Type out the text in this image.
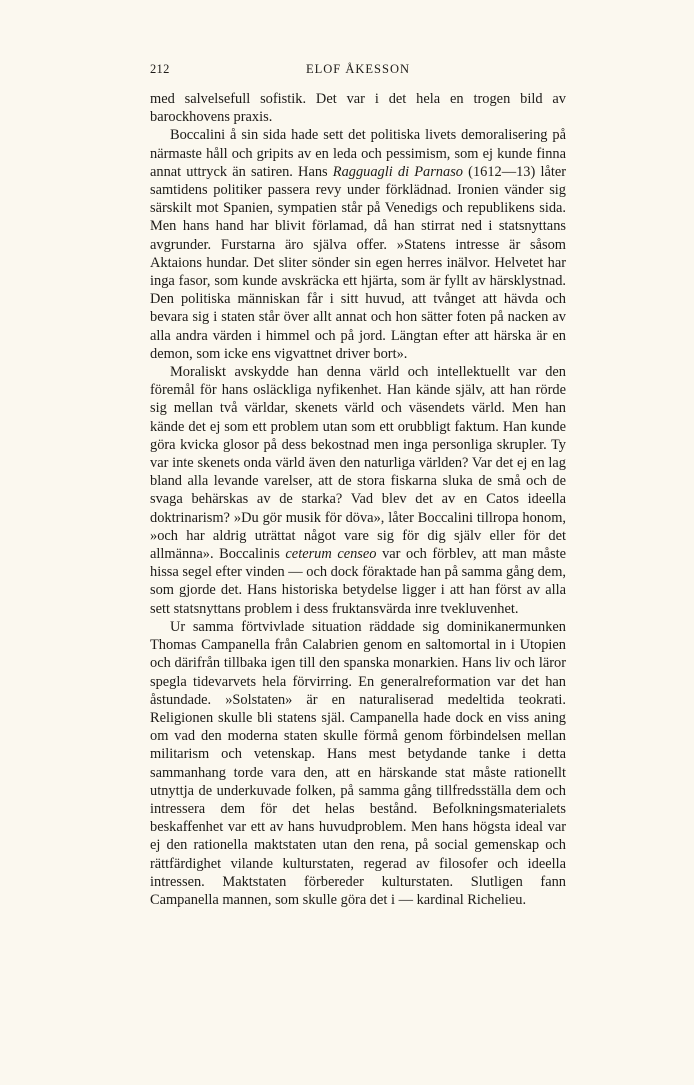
212	ELOF ÅKESSON

med salvelsefull sofistik. Det var i det hela en trogen bild av barockhovens praxis.

Boccalini å sin sida hade sett det politiska livets demoralisering på närmaste håll och gripits av en leda och pessimism, som ej kunde finna annat uttryck än satiren. Hans Ragguagli di Parnaso (1612—13) låter samtidens politiker passera revy under förklädnad. Ironien vänder sig särskilt mot Spanien, sympatien står på Venedigs och republikens sida. Men hans hand har blivit förlamad, då han stirrat ned i statsnyttans avgrunder. Furstarna äro själva offer. »Statens intresse är såsom Aktaions hundar. Det sliter sönder sin egen herres inälvor. Helvetet har inga fasor, som kunde avskräcka ett hjärta, som är fyllt av härsklystnad. Den politiska människan får i sitt huvud, att tvånget att hävda och bevara sig i staten står över allt annat och hon sätter foten på nacken av alla andra värden i himmel och på jord. Längtan efter att härska är en demon, som icke ens vigvattnet driver bort».

Moraliskt avskydde han denna värld och intellektuellt var den föremål för hans osläckliga nyfikenhet. Han kände själv, att han rörde sig mellan två världar, skenets värld och väsendets värld. Men han kände det ej som ett problem utan som ett orubbligt faktum. Han kunde göra kvicka glosor på dess bekostnad men inga personliga skrupler. Ty var inte skenets onda värld även den naturliga världen? Var det ej en lag bland alla levande varelser, att de stora fiskarna sluka de små och de svaga behärskas av de starka? Vad blev det av en Catos ideella doktrinarism? »Du gör musik för döva», låter Boccalini tillropa honom, »och har aldrig uträttat något vare sig för dig själv eller för det allmänna». Boccalinis ceterum censeo var och förblev, att man måste hissa segel efter vinden — och dock föraktade han på samma gång dem, som gjorde det. Hans historiska betydelse ligger i att han först av alla sett statsnyttans problem i dess fruktansvärda inre tvekluvenhet.

Ur samma förtvivlade situation räddade sig dominikanermunken Thomas Campanella från Calabrien genom en saltomortal in i Utopien och därifrån tillbaka igen till den spanska monarkien. Hans liv och läror spegla tidevarvets hela förvirring. En generalreformation var det han åstundade. »Solstaten» är en naturaliserad medeltida teokrati. Religionen skulle bli statens själ. Campanella hade dock en viss aning om vad den moderna staten skulle förmå genom förbindelsen mellan militarism och vetenskap. Hans mest betydande tanke i detta sammanhang torde vara den, att en härskande stat måste rationellt utnyttja de underkuvade folken, på samma gång tillfredsställa dem och intressera dem för det helas bestånd. Befolkningsmaterialets beskaffenhet var ett av hans huvudproblem. Men hans högsta ideal var ej den rationella maktstaten utan den rena, på social gemenskap och rättfärdighet vilande kulturstaten, regerad av filosofer och ideella intressen. Maktstaten förbereder kulturstaten. Slutligen fann Campanella mannen, som skulle göra det i — kardinal Richelieu.
